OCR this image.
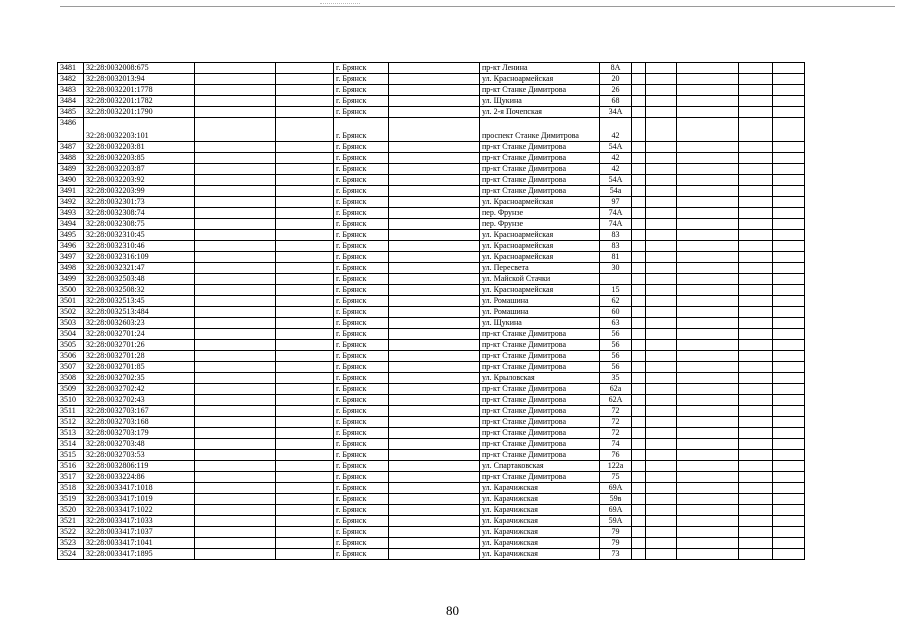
3481	32:28:0032008:675			г. Брянск		пр-кт Ленина	8А					
3482	32:28:0032013:94			г. Брянск		ул. Красноармейская	20					
3483	32:28:0032201:1778			г. Брянск		пр-кт Станке Димитрова	26					
3484	32:28:0032201:1782			г. Брянск		ул. Щукина	68					
3485	32:28:0032201:1790			г. Брянск		ул. 2-я Почепская	34А					
3486	32:28:0032203:101			г. Брянск		проспект Станке Димитрова	42					
3487	32:28:0032203:81			г. Брянск		пр-кт Станке Димитрова	54А					
3488	32:28:0032203:85			г. Брянск		пр-кт Станке Димитрова	42					
3489	32:28:0032203:87			г. Брянск		пр-кт Станке Димитрова	42					
3490	32:28:0032203:92			г. Брянск		пр-кт Станке Димитрова	54А					
3491	32:28:0032203:99			г. Брянск		пр-кт Станке Димитрова	54а					
3492	32:28:0032301:73			г. Брянск		ул. Красноармейская	97					
3493	32:28:0032308:74			г. Брянск		пер. Фрунзе	74А					
3494	32:28:0032308:75			г. Брянск		пер. Фрунзе	74А					
3495	32:28:0032310:45			г. Брянск		ул. Красноармейская	83					
3496	32:28:0032310:46			г. Брянск		ул. Красноармейская	83					
3497	32:28:0032316:109			г. Брянск		ул. Красноармейская	81					
3498	32:28:0032321:47			г. Брянск		ул. Пересвета	30					
3499	32:28:0032503:48			г. Брянск		ул. Майской Стачки						
3500	32:28:0032508:32			г. Брянск		ул. Красноармейская	15					
3501	32:28:0032513:45			г. Брянск		ул. Ромашина	62					
3502	32:28:0032513:484			г. Брянск		ул. Ромашина	60					
3503	32:28:0032603:23			г. Брянск		ул. Щукина	63					
3504	32:28:0032701:24			г. Брянск		пр-кт Станке Димитрова	56					
3505	32:28:0032701:26			г. Брянск		пр-кт Станке Димитрова	56					
3506	32:28:0032701:28			г. Брянск		пр-кт Станке Димитрова	56					
3507	32:28:0032701:85			г. Брянск		пр-кт Станке Димитрова	56					
3508	32:28:0032702:35			г. Брянск		ул. Крыловская	35					
3509	32:28:0032702:42			г. Брянск		пр-кт Станке Димитрова	62а					
3510	32:28:0032702:43			г. Брянск		пр-кт Станке Димитрова	62А					
3511	32:28:0032703:167			г. Брянск		пр-кт Станке Димитрова	72					
3512	32:28:0032703:168			г. Брянск		пр-кт Станке Димитрова	72					
3513	32:28:0032703:179			г. Брянск		пр-кт Станке Димитрова	72					
3514	32:28:0032703:48			г. Брянск		пр-кт Станке Димитрова	74					
3515	32:28:0032703:53			г. Брянск		пр-кт Станке Димитрова	76					
3516	32:28:0032806:119			г. Брянск		ул. Спартаковская	122а					
3517	32:28:0033224:86			г. Брянск		пр-кт Станке Димитрова	75					
3518	32:28:0033417:1018			г. Брянск		ул. Карачижская	69А					
3519	32:28:0033417:1019			г. Брянск		ул. Карачижская	59в					
3520	32:28:0033417:1022			г. Брянск		ул. Карачижская	69А					
3521	32:28:0033417:1033			г. Брянск		ул. Карачижская	59А					
3522	32:28:0033417:1037			г. Брянск		ул. Карачижская	79					
3523	32:28:0033417:1041			г. Брянск		ул. Карачижская	79					
3524	32:28:0033417:1895			г. Брянск		ул. Карачижская	73					
80
